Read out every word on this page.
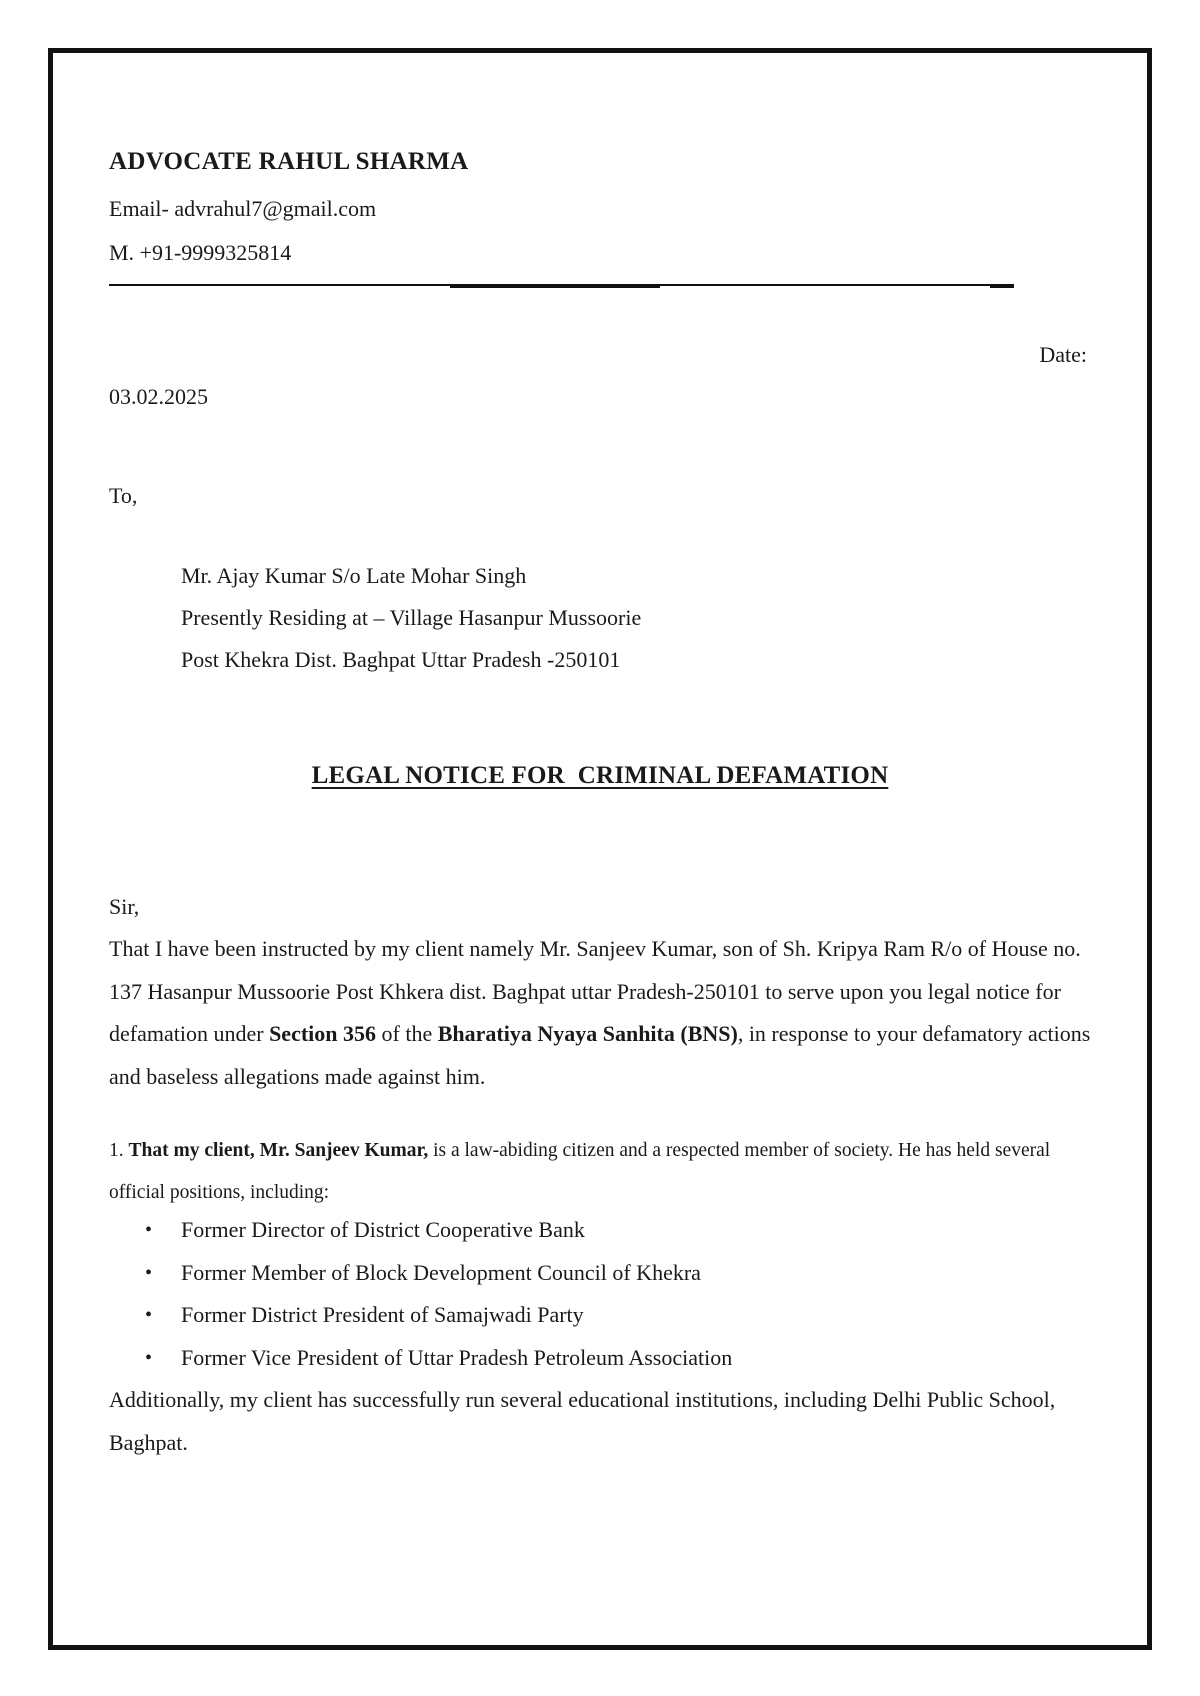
ADVOCATE RAHUL SHARMA
Email- advrahul7@gmail.com
M. +91-9999325814
Date:
03.02.2025
To,
Mr. Ajay Kumar S/o Late Mohar Singh
Presently Residing at – Village Hasanpur Mussoorie
Post Khekra Dist. Baghpat Uttar Pradesh -250101
LEGAL NOTICE FOR  CRIMINAL DEFAMATION
Sir,
That I have been instructed by my client namely Mr. Sanjeev Kumar, son of Sh. Kripya Ram R/o of House no. 137 Hasanpur Mussoorie Post Khkera dist. Baghpat uttar Pradesh-250101 to serve upon you legal notice for defamation under Section 356 of the Bharatiya Nyaya Sanhita (BNS), in response to your defamatory actions and baseless allegations made against him.
1. That my client, Mr. Sanjeev Kumar, is a law-abiding citizen and a respected member of society. He has held several official positions, including:
• Former Director of District Cooperative Bank
• Former Member of Block Development Council of Khekra
• Former District President of Samajwadi Party
• Former Vice President of Uttar Pradesh Petroleum Association
Additionally, my client has successfully run several educational institutions, including Delhi Public School, Baghpat.
